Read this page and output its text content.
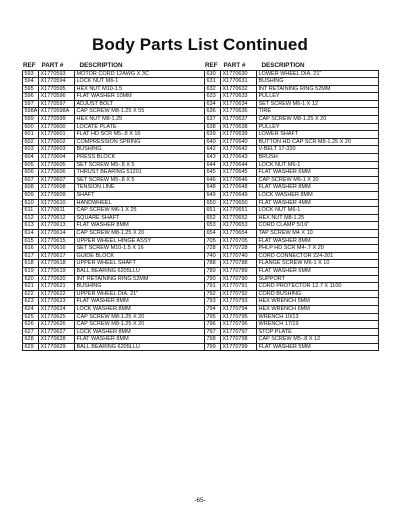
Body Parts List Continued
REF PART #	DESCRIPTION
593	X1770593	MOTOR CORD 12AWG X 3C
594	X1770594	LOCK NUT M6-1
595	X1770595	HEX NUT M10-1.5
596	X1770596	FLAT WASHER 10MM
597	X1770597	ADJUST BOLT
598A	X1770598A	CAP SCREW M8-1.25 X 55
599	X1770599	HEX NUT M8-1.25
600	X1770600	LOCATE PLATE
601	X1770601	FLAT HD SCR M5-.8 X 16
602	X1770602	COMPRESSION SPRING
603	X1770603	BUSHING
604	X1770604	PRESS BLOCK
605	X1770605	SET SCREW M5-.8 X 5
606	X1770606	THRUST BEARING 51201
607	X1770607	SET SCREW M5-.8 X 5
608	X1770608	TENSION LINE
609	X1770609	SHAFT
610	X1770610	HANDWHEEL
611	X1770611	CAP SCREW M6-1 X 25
612	X1770612	SQUARE SHAFT
613	X1770613	FLAT WASHER 8MM
614	X1770614	CAP SCREW M8-1.25 X 20
615	X1770615	UPPER WHEEL HINGE ASSY
616	X1770616	SET SCREW M10-1.5 X 16
617	X1770617	GUIDE BLOCK
618	X1770618	UPPER WHEEL SHAFT
619	X1770619	BALL BEARING 6205LLU
620	X1770620	INT RETAINING RING 52MM
621	X1770621	BUSHING
622	X1770622	UPPER WHEEL DIA. 21"
623	X1770623	FLAT WASHER 8MM
624	X1770624	LOCK WASHER 8MM
625	X1770625	CAP SCREW M8-1.25 X 20
626	X1770626	CAP SCREW M8-1.25 X 20
627	X1770627	LOCK WASHER 8MM
628	X1770628	FLAT WASHER 8MM
629	X1770629	BALL BEARING 6205LLU
REF PART #	DESCRIPTION
630	X1770630	LOWER WHEEL DIA. 21"
631	X1770631	BUSHING
632	X1770632	INT RETAINING RING 52MM
633	X1770633	PULLEY
634	X1770634	SET SCREW M6-1 X 12
636	X1770636	TIRE
637	X1770637	CAP SCREW M8-1.25 X 20
638	X1770638	PULLEY
639	X1770639	LOWER SHAFT
640	X1770640	BUTTON HD CAP SCR M8-1.25 X 20
642	X1770642	V-BELT 17-320
643	X1770643	BRUSH
644	X1770644	LOCK NUT M6-1
645	X1770645	FLAT WASHER 6MM
646	X1770646	CAP SCREW M6-1 X 20
648	X1770648	FLAT WASHER 8MM
649	X1770649	LOCK WASHER 8MM
650	X1770650	FLAT WASHER 4MM
651	X1770651	LOCK NUT M6-1
652	X1770652	HEX NUT M8-1.25
653	X1770653	CORD CLAMP 5/16"
654	X1770654	TAP SCREW M4 X 10
705	X1770705	FLAT WASHER 8MM
728	X1770728	PHLP HD SCR M4-.7 X 20
740	X1770740	CORD CONNECTOR 224-201
788	X1770788	FLANGE SCREW M6-1 X 10
789	X1770789	FLAT WASHER 6MM
790	X1770790	SUPPORT
791	X1770791	CORD PROTECTOR 12.7 X 1100
792	X1770792	CORD BUSHING
793	X1770793	HEX WRENCH 5MM
794	X1770794	HEX WRENCH 6MM
795	X1770795	WRENCH 10/13
796	X1770796	WRENCH 17/19
797	X1770797	STOP PLATE
798	X1770798	CAP SCREW M5-.8 X 12
799	X1770799	FLAT WASHER 5MM
-65-
